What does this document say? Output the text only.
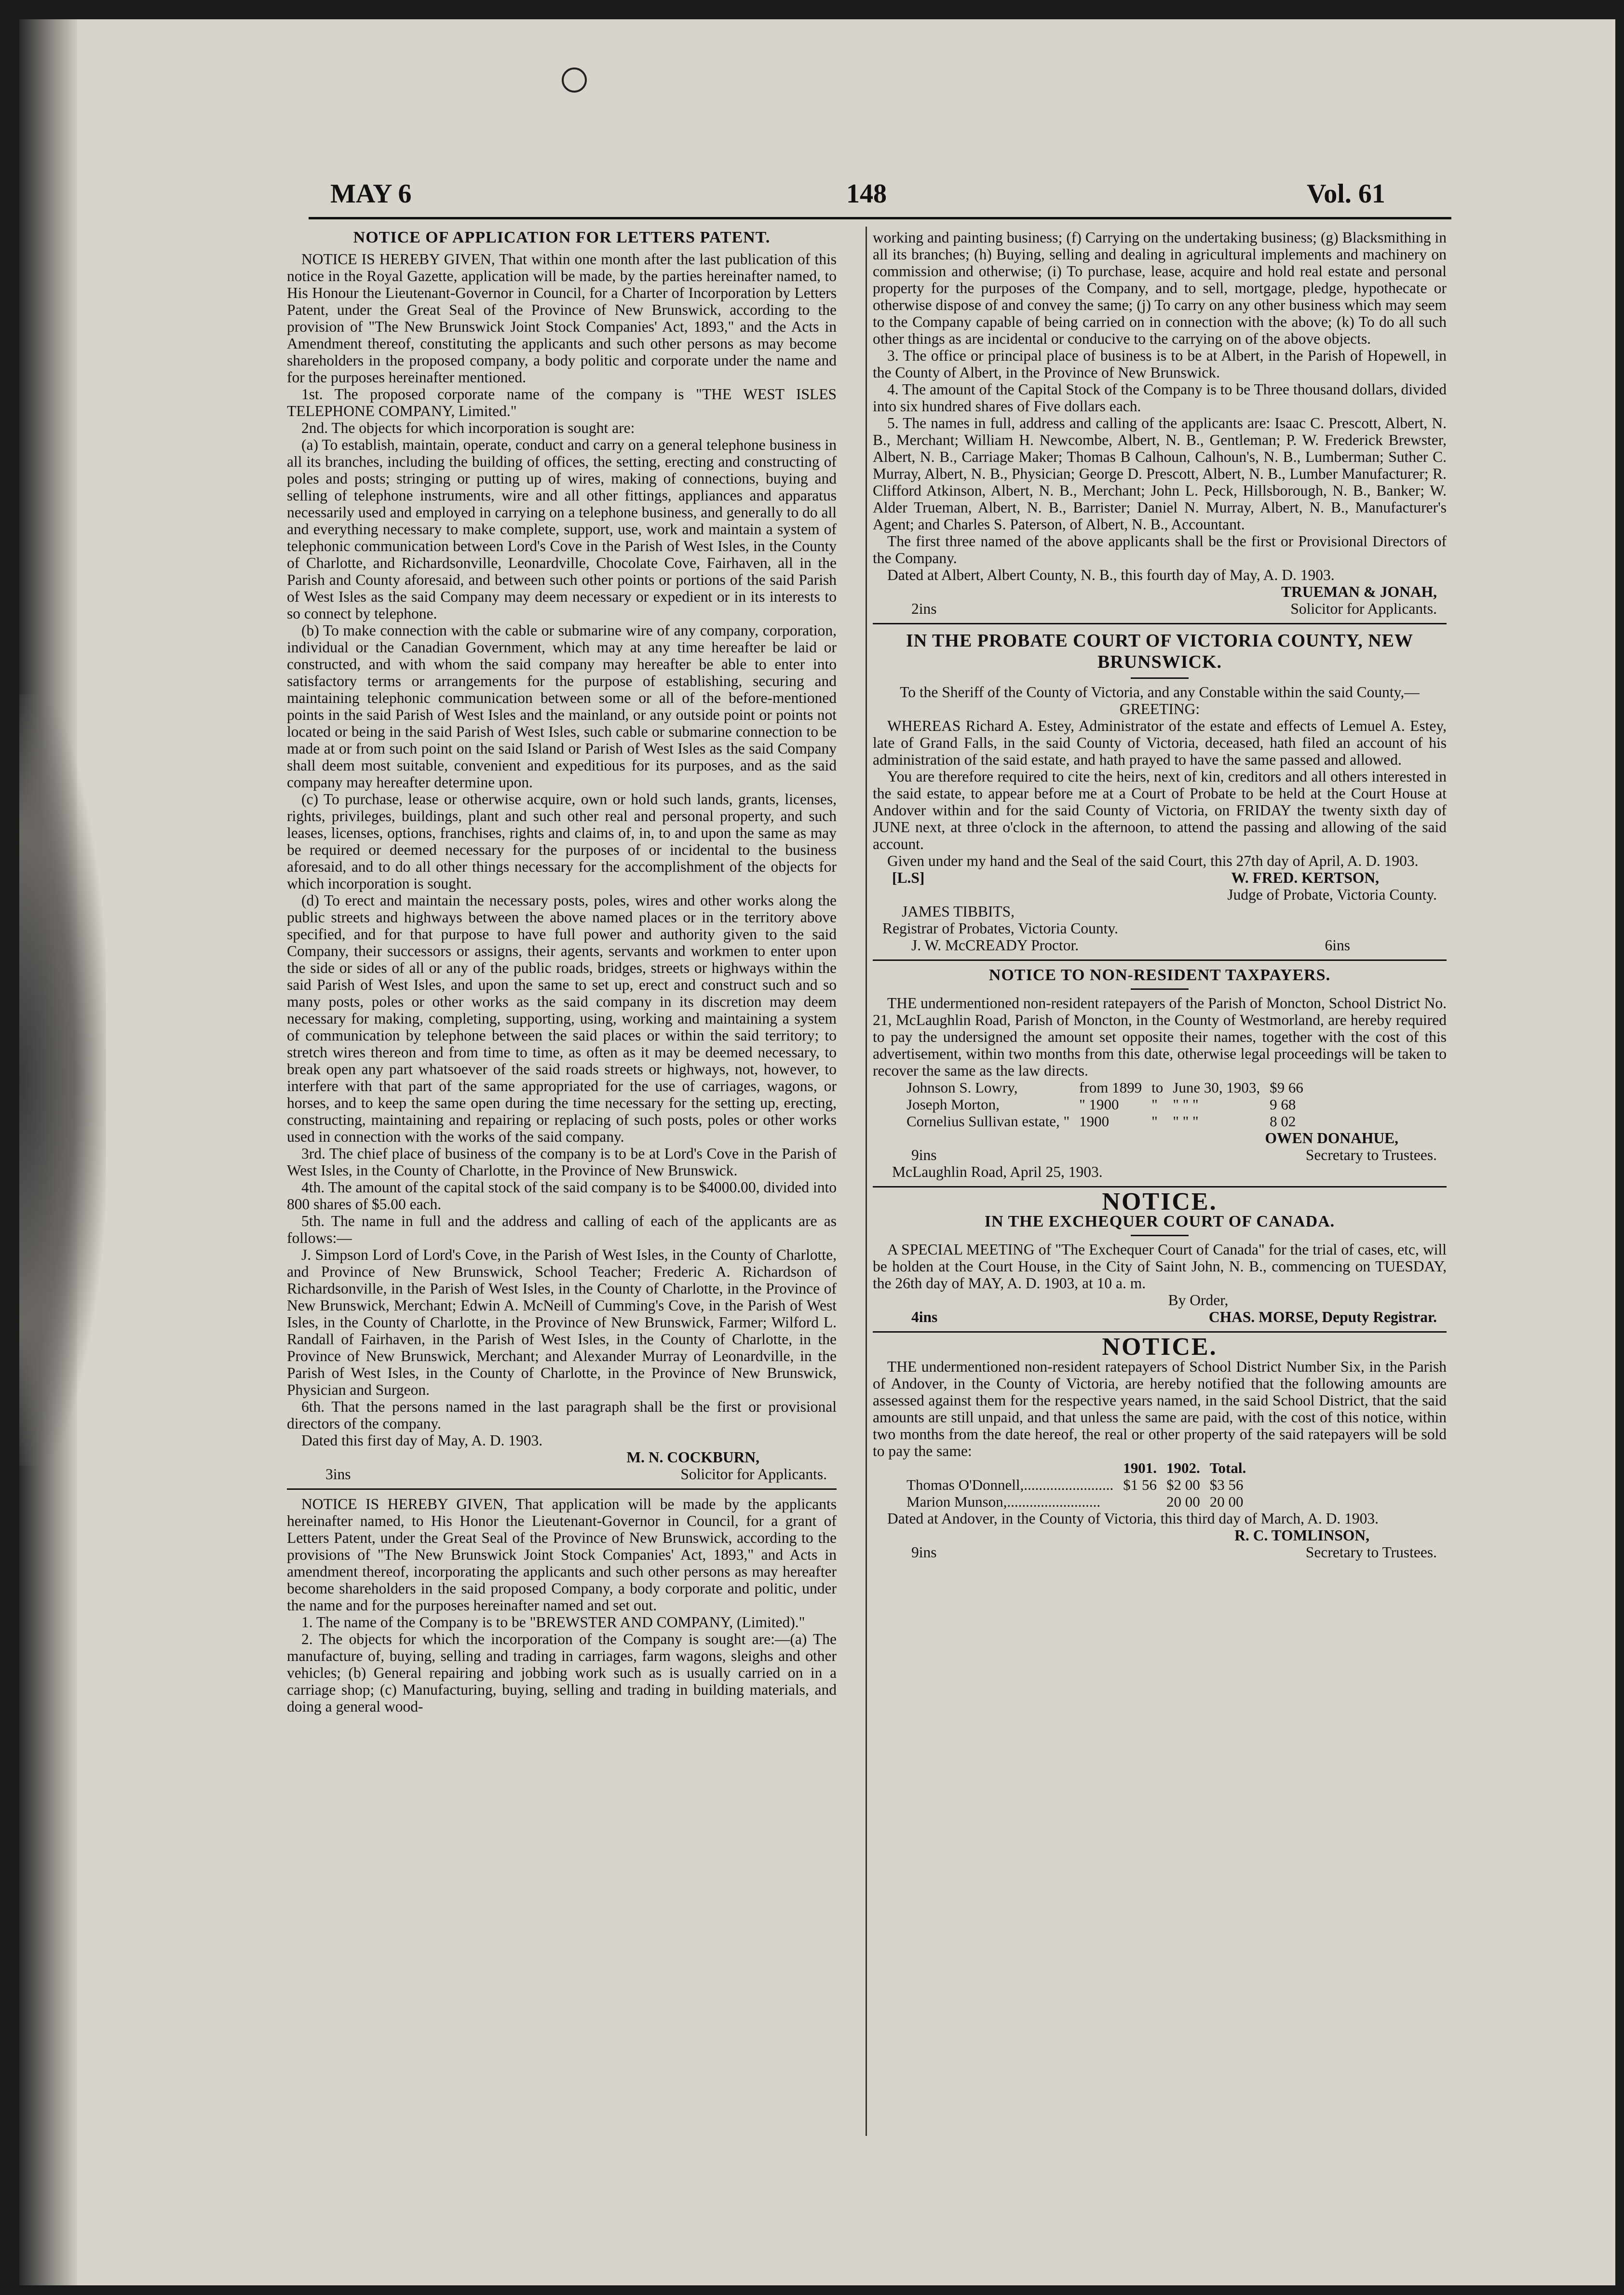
MAY 6	148	Vol. 61
NOTICE OF APPLICATION FOR LETTERS PATENT.

NOTICE IS HEREBY GIVEN, That within one month after the last publication of this notice in the Royal Gazette, application will be made, by the parties hereinafter named, to His Honour the Lieutenant-Governor in Council, for a Charter of Incorporation by Letters Patent, under the Great Seal of the Province of New Brunswick, according to the provision of "The New Brunswick Joint Stock Companies' Act, 1893," and the Acts in Amendment thereof, constituting the applicants and such other persons as may become shareholders in the proposed company, a body politic and corporate under the name and for the purposes hereinafter mentioned.

1st. The proposed corporate name of the company is "THE WEST ISLES TELEPHONE COMPANY, Limited."

2nd. The objects for which incorporation is sought are:

(a) To establish, maintain, operate, conduct and carry on a general telephone business in all its branches, including the building of offices, the setting, erecting and constructing of poles and posts; stringing or putting up of wires, making of connections, buying and selling of telephone instruments, wire and all other fittings, appliances and apparatus necessarily used and employed in carrying on a telephone business, and generally to do all and everything necessary to make complete, support, use, work and maintain a system of telephonic communication between Lord's Cove in the Parish of West Isles, in the County of Charlotte, and Richardsonville, Leonardville, Chocolate Cove, Fairhaven, all in the Parish and County aforesaid, and between such other points or portions of the said Parish of West Isles as the said Company may deem necessary or expedient or in its interests to so connect by telephone.

(b) To make connection with the cable or submarine wire of any company, corporation, individual or the Canadian Government, which may at any time hereafter be laid or constructed, and with whom the said company may hereafter be able to enter into satisfactory terms or arrangements for the purpose of establishing, securing and maintaining telephonic communication between some or all of the before-mentioned points in the said Parish of West Isles and the mainland, or any outside point or points not located or being in the said Parish of West Isles, such cable or submarine connection to be made at or from such point on the said Island or Parish of West Isles as the said Company shall deem most suitable, convenient and expeditious for its purposes, and as the said company may hereafter determine upon.

(c) To purchase, lease or otherwise acquire, own or hold such lands, grants, licenses, rights, privileges, buildings, plant and such other real and personal property, and such leases, licenses, options, franchises, rights and claims of, in, to and upon the same as may be required or deemed necessary for the purposes of or incidental to the business aforesaid, and to do all other things necessary for the accomplishment of the objects for which incorporation is sought.

(d) To erect and maintain the necessary posts, poles, wires and other works along the public streets and highways between the above named places or in the territory above specified, and for that purpose to have full power and authority given to the said Company, their successors or assigns, their agents, servants and workmen to enter upon the side or sides of all or any of the public roads, bridges, streets or highways within the said Parish of West Isles, and upon the same to set up, erect and construct such and so many posts, poles or other works as the said company in its discretion may deem necessary for making, completing, supporting, using, working and maintaining a system of communication by telephone between the said places or within the said territory; to stretch wires thereon and from time to time, as often as it may be deemed necessary, to break open any part whatsoever of the said roads streets or highways, not, however, to interfere with that part of the same appropriated for the use of carriages, wagons, or horses, and to keep the same open during the time necessary for the setting up, erecting, constructing, maintaining and repairing or replacing of such posts, poles or other works used in connection with the works of the said company.

3rd. The chief place of business of the company is to be at Lord's Cove in the Parish of West Isles, in the County of Charlotte, in the Province of New Brunswick.

4th. The amount of the capital stock of the said company is to be $4000.00, divided into 800 shares of $5.00 each.

5th. The name in full and the address and calling of each of the applicants are as follows:—

J. Simpson Lord of Lord's Cove, in the Parish of West Isles, in the County of Charlotte, and Province of New Brunswick, School Teacher; Frederic A. Richardson of Richardsonville, in the Parish of West Isles, in the County of Charlotte, in the Province of New Brunswick, Merchant; Edwin A. McNeill of Cumming's Cove, in the Parish of West Isles, in the County of Charlotte, in the Province of New Brunswick, Farmer; Wilford L. Randall of Fairhaven, in the Parish of West Isles, in the County of Charlotte, in the Province of New Brunswick, Merchant; and Alexander Murray of Leonardville, in the Parish of West Isles, in the County of Charlotte, in the Province of New Brunswick, Physician and Surgeon.

6th. That the persons named in the last paragraph shall be the first or provisional directors of the company.

Dated this first day of May, A. D. 1903.

M. N. COCKBURN,

3ins	Solicitor for Applicants.

NOTICE IS HEREBY GIVEN, That application will be made by the applicants hereinafter named, to His Honor the Lieutenant-Governor in Council, for a grant of Letters Patent, under the Great Seal of the Province of New Brunswick, according to the provisions of "The New Brunswick Joint Stock Companies' Act, 1893," and Acts in amendment thereof, incorporating the applicants and such other persons as may hereafter become shareholders in the said proposed Company, a body corporate and politic, under the name and for the purposes hereinafter named and set out.

1. The name of the Company is to be "BREWSTER AND COMPANY, (Limited)."

2. The objects for which the incorporation of the Company is sought are:—(a) The manufacture of, buying, selling and trading in carriages, farm wagons, sleighs and other vehicles; (b) General repairing and jobbing work such as is usually carried on in a carriage shop; (c) Manufacturing, buying, selling and trading in building materials, and doing a general wood-

working and painting business; (f) Carrying on the undertaking business; (g) Blacksmithing in all its branches; (h) Buying, selling and dealing in agricultural implements and machinery on commission and otherwise; (i) To purchase, lease, acquire and hold real estate and personal property for the purposes of the Company, and to sell, mortgage, pledge, hypothecate or otherwise dispose of and convey the same; (j) To carry on any other business which may seem to the Company capable of being carried on in connection with the above; (k) To do all such other things as are incidental or conducive to the carrying on of the above objects.

3. The office or principal place of business is to be at Albert, in the Parish of Hopewell, in the County of Albert, in the Province of New Brunswick.

4. The amount of the Capital Stock of the Company is to be Three thousand dollars, divided into six hundred shares of Five dollars each.

5. The names in full, address and calling of the applicants are: Isaac C. Prescott, Albert, N. B., Merchant; William H. Newcombe, Albert, N. B., Gentleman; P. W. Frederick Brewster, Albert, N. B., Carriage Maker; Thomas B Calhoun, Calhoun's, N. B., Lumberman; Suther C. Murray, Albert, N. B., Physician; George D. Prescott, Albert, N. B., Lumber Manufacturer; R. Clifford Atkinson, Albert, N. B., Merchant; John L. Peck, Hillsborough, N. B., Banker; W. Alder Trueman, Albert, N. B., Barrister; Daniel N. Murray, Albert, N. B., Manufacturer's Agent; and Charles S. Paterson, of Albert, N. B., Accountant.

The first three named of the above applicants shall be the first or Provisional Directors of the Company.

Dated at Albert, Albert County, N. B., this fourth day of May, A. D. 1903.

TRUEMAN & JONAH,

2ins	Solicitor for Applicants.
IN THE PROBATE COURT OF VICTORIA COUNTY, NEW BRUNSWICK.

To the Sheriff of the County of Victoria, and any Constable within the said County,—GREETING:

WHEREAS Richard A. Estey, Administrator of the estate and effects of Lemuel A. Estey, late of Grand Falls, in the said County of Victoria, deceased, hath filed an account of his administration of the said estate, and hath prayed to have the same passed and allowed.

You are therefore required to cite the heirs, next of kin, creditors and all others interested in the said estate, to appear before me at a Court of Probate to be held at the Court House at Andover within and for the said County of Victoria, on FRIDAY the twenty sixth day of JUNE next, at three o'clock in the afternoon, to attend the passing and allowing of the said account.

Given under my hand and the Seal of the said Court, this 27th day of April, A. D. 1903.

[L.S]	W. FRED. KERTSON,

Judge of Probate, Victoria County.

JAMES TIBBITS,

Registrar of Probates, Victoria County.

J. W. McCREADY Proctor.	6ins
NOTICE TO NON-RESIDENT TAXPAYERS.

THE undermentioned non-resident ratepayers of the Parish of Moncton, School District No. 21, McLaughlin Road, Parish of Moncton, in the County of Westmorland, are hereby required to pay the undersigned the amount set opposite their names, together with the cost of this advertisement, within two months from this date, otherwise legal proceedings will be taken to recover the same as the law directs.

Johnson S. Lowry,	from 1899	to	June 30, 1903,	$9 66
Joseph Morton,	" 1900	"	" " "	9 68
Cornelius Sullivan estate, "	1900	"	" " "	8 02

OWEN DONAHUE,

9ins	Secretary to Trustees.

McLaughlin Road, April 25, 1903.

NOTICE.
IN THE EXCHEQUER COURT OF CANADA.

A SPECIAL MEETING of "The Exchequer Court of Canada" for the trial of cases, etc, will be holden at the Court House, in the City of Saint John, N. B., commencing on TUESDAY, the 26th day of MAY, A. D. 1903, at 10 a. m.

By Order,

4ins	CHAS. MORSE, Deputy Registrar.
NOTICE.

THE undermentioned non-resident ratepayers of School District Number Six, in the Parish of Andover, in the County of Victoria, are hereby notified that the following amounts are assessed against them for the respective years named, in the said School District, that the said amounts are still unpaid, and that unless the same are paid, with the cost of this notice, within two months from the date hereof, the real or other property of the said ratepayers will be sold to pay the same:

	1901.	1902.	Total.
Thomas O'Donnell,........................	$1 56	$2 00	$3 56
Marion Munson,.........................		20 00	20 00

Dated at Andover, in the County of Victoria, this third day of March, A. D. 1903.

R. C. TOMLINSON,

9ins	Secretary to Trustees.
